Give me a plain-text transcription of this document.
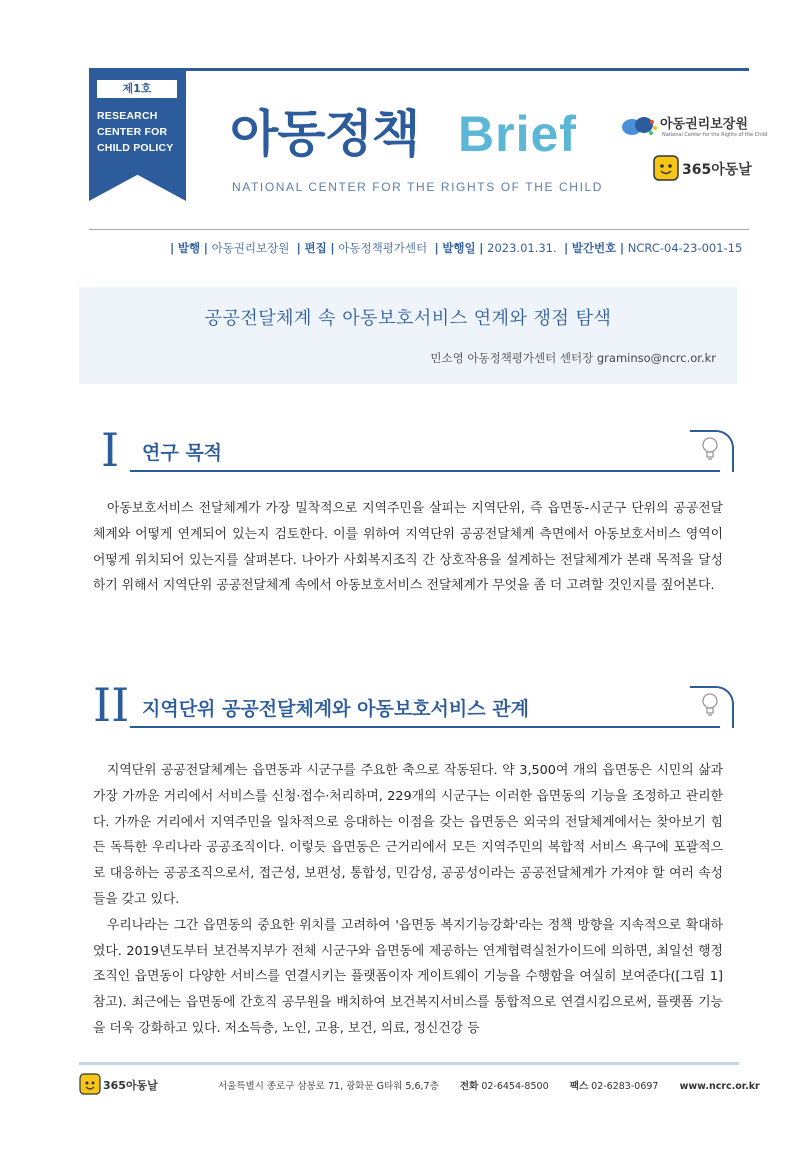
제1호
RESEARCH
CENTER FOR
CHILD POLICY 아동정책 Brief
NATIONAL CENTER FOR THE RIGHTS OF THE CHILD
아동권리보장원
National Center for the Rights of the Child
365아동날
| 발행 | 아동권리보장원 | 편집 | 아동정책평가센터 | 발행일 | 2023.01.31. | 발간번호 | NCRC-04-23-001-15
공공전달체계 속 아동보호서비스 연계와 쟁점 탐색
민소영 아동정책평가센터 센터장 graminso@ncrc.or.kr
I 연구 목적

아동보호서비스 전달체계가 가장 밀착적으로 지역주민을 살피는 지역단위, 즉 읍면동-시군구 단위의 공공전달체계와 어떻게 연계되어 있는지 검토한다. 이를 위하여 지역단위 공공전달체계 측면에서 아동보호서비스 영역이 어떻게 위치되어 있는지를 살펴본다. 나아가 사회복지조직 간 상호작용을 설계하는 전달체계가 본래 목적을 달성하기 위해서 지역단위 공공전달체계 속에서 아동보호서비스 전달체계가 무엇을 좀 더 고려할 것인지를 짚어본다.

II 지역단위 공공전달체계와 아동보호서비스 관계

지역단위 공공전달체계는 읍면동과 시군구를 주요한 축으로 작동된다. 약 3,500여 개의 읍면동은 시민의 삶과 가장 가까운 거리에서 서비스를 신청·접수·처리하며, 229개의 시군구는 이러한 읍면동의 기능을 조정하고 관리한다. 가까운 거리에서 지역주민을 일차적으로 응대하는 이점을 갖는 읍면동은 외국의 전달체계에서는 찾아보기 힘든 독특한 우리나라 공공조직이다. 이렇듯 읍면동은 근거리에서 모든 지역주민의 복합적 서비스 욕구에 포괄적으로 대응하는 공공조직으로서, 접근성, 보편성, 통합성, 민감성, 공공성이라는 공공전달체계가 가져야 할 여러 속성들을 갖고 있다.

우리나라는 그간 읍면동의 중요한 위치를 고려하여 '읍면동 복지기능강화'라는 정책 방향을 지속적으로 확대하였다. 2019년도부터 보건복지부가 전체 시군구와 읍면동에 제공하는 연계협력실천가이드에 의하면, 최일선 행정조직인 읍면동이 다양한 서비스를 연결시키는 플랫폼이자 게이트웨이 기능을 수행함을 여실히 보여준다([그림 1] 참고). 최근에는 읍면동에 간호직 공무원을 배치하여 보건복지서비스를 통합적으로 연결시킴으로써, 플랫폼 기능을 더욱 강화하고 있다. 저소득층, 노인, 고용, 보건, 의료, 정신건강 등

365아동날	서울특별시 종로구 삼봉로 71, 광화문 G타워 5,6,7층 전화 02-6454-8500 팩스 02-6283-0697 www.ncrc.or.kr
